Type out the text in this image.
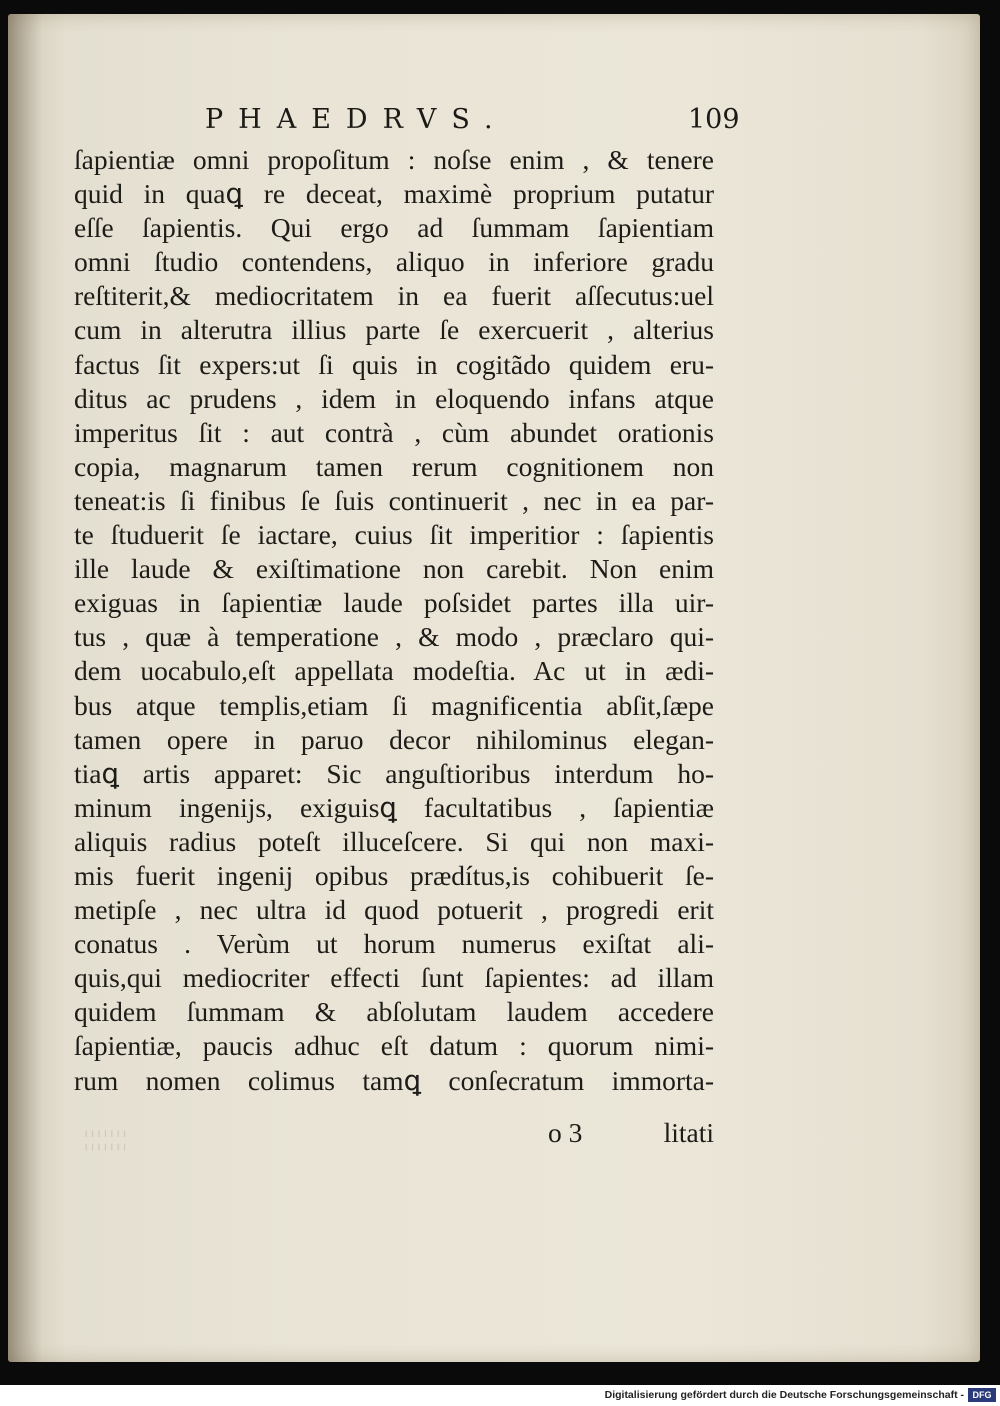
PHAEDRVS.	109
ſapientiæ omni propoſitum : noſse enim , & tenere
quid in quaꝗ re deceat, maximè proprium putatur
eſſe ſapientis. Qui ergo ad ſummam ſapientiam
omni ſtudio contendens, aliquo in inferiore gradu
reſtiterit,& mediocritatem in ea fuerit aſſecutus:uel
cum in alterutra illius parte ſe exercuerit , alterius
factus ſit expers:ut ſi quis in cogitãdo quidem eru-
ditus ac prudens , idem in eloquendo infans atque
imperitus ſit : aut contrà , cùm abundet orationis
copia, magnarum tamen rerum cognitionem non
teneat:is ſi finibus ſe ſuis continuerit , nec in ea par-
te ſtuduerit ſe iactare, cuius ſit imperitior : ſapientis
ille laude & exiſtimatione non carebit. Non enim
exiguas in ſapientiæ laude poſsidet partes illa uir-
tus , quæ à temperatione , & modo , præclaro qui-
dem uocabulo,eſt appellata modeſtia. Ac ut in ædi-
bus atque templis,etiam ſi magnificentia abſit,ſæpe
tamen opere in paruo decor nihilominus elegan-
tiaꝗ artis apparet: Sic anguſtioribus interdum ho-
minum ingenijs, exiguisꝗ facultatibus , ſapientiæ
aliquis radius poteſt illuceſcere. Si qui non maxi-
mis fuerit ingenij opibus prædítus,is cohibuerit ſe-
metipſe , nec ultra id quod potuerit , progredi erit
conatus . Verùm ut horum numerus exiſtat ali-
quis,qui mediocriter effecti ſunt ſapientes: ad illam
quidem ſummam & abſolutam laudem accedere
ſapientiæ, paucis adhuc eſt datum : quorum nimi-
rum nomen colimus tamꝗ conſecratum immorta-
¦¦¦¦¦¦¦	o 3	litati
Digitalisierung gefördert durch die Deutsche Forschungsgemeinschaft - DFG
